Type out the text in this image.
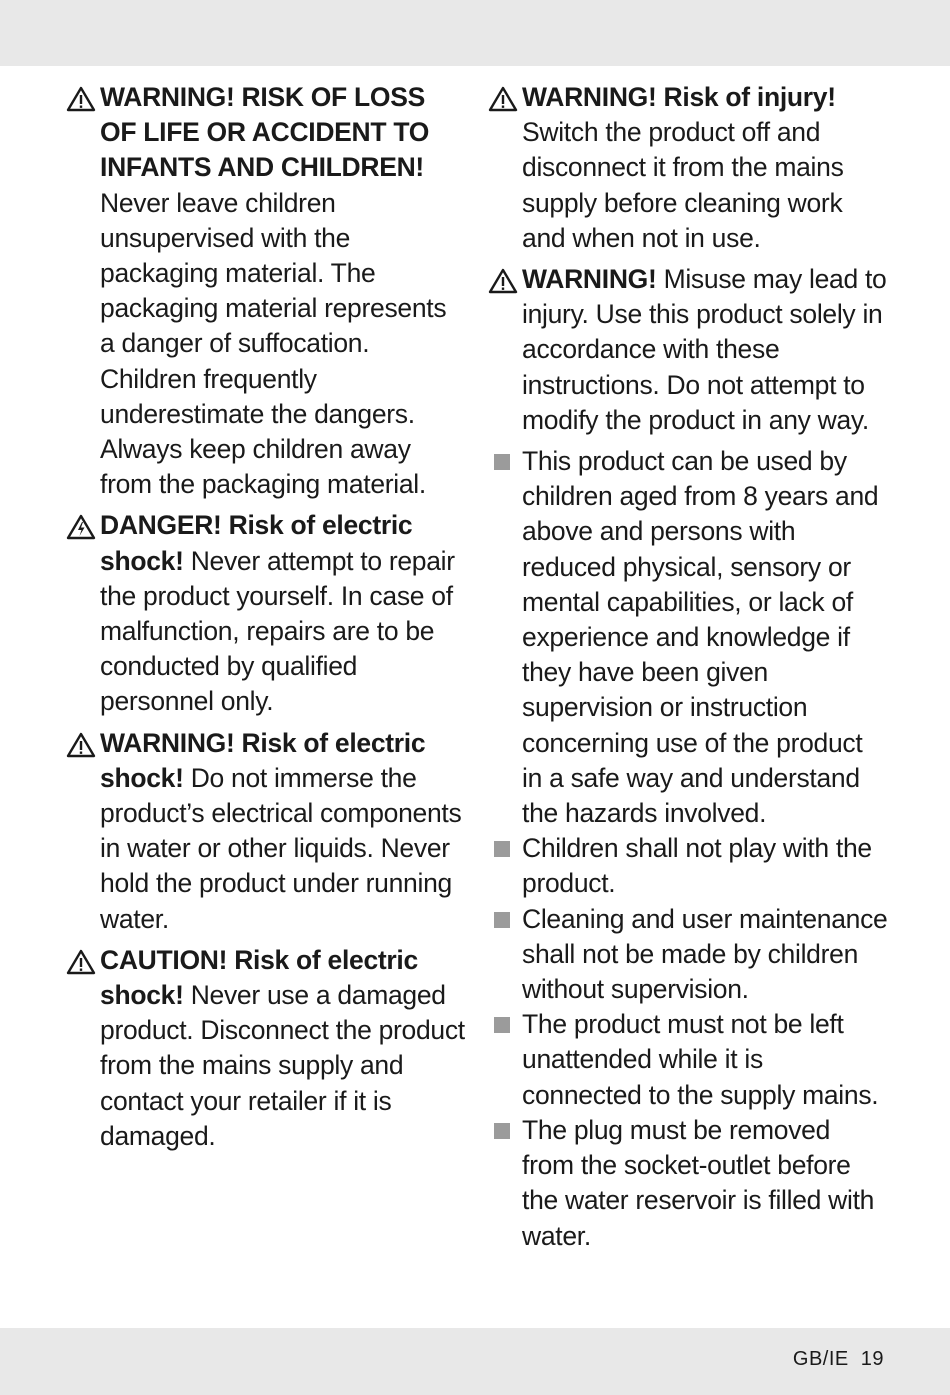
WARNING! RISK OF LOSS OF LIFE OR ACCIDENT TO INFANTS AND CHILDREN! Never leave children unsupervised with the packaging material. The packaging material represents a danger of suffocation. Children frequently underestimate the dangers. Always keep children away from the packaging material.
DANGER! Risk of electric shock! Never attempt to repair the product yourself. In case of malfunction, repairs are to be conducted by qualified personnel only.
WARNING! Risk of electric shock! Do not immerse the product’s electrical components in water or other liquids. Never hold the product under running water.
CAUTION! Risk of electric shock! Never use a damaged product. Disconnect the product from the mains supply and contact your retailer if it is damaged.
WARNING! Risk of injury! Switch the product off and disconnect it from the mains supply before cleaning work and when not in use.
WARNING! Misuse may lead to injury. Use this product solely in accordance with these instructions. Do not attempt to modify the product in any way.
This product can be used by children aged from 8 years and above and persons with reduced physical, sensory or mental capabilities, or lack of experience and knowledge if they have been given supervision or instruction concerning use of the product in a safe way and understand the hazards involved.
Children shall not play with the product.
Cleaning and user maintenance shall not be made by children without supervision.
The product must not be left unattended while it is connected to the supply mains.
The plug must be removed from the socket-outlet before the water reservoir is filled with water.
GB/IE 19
